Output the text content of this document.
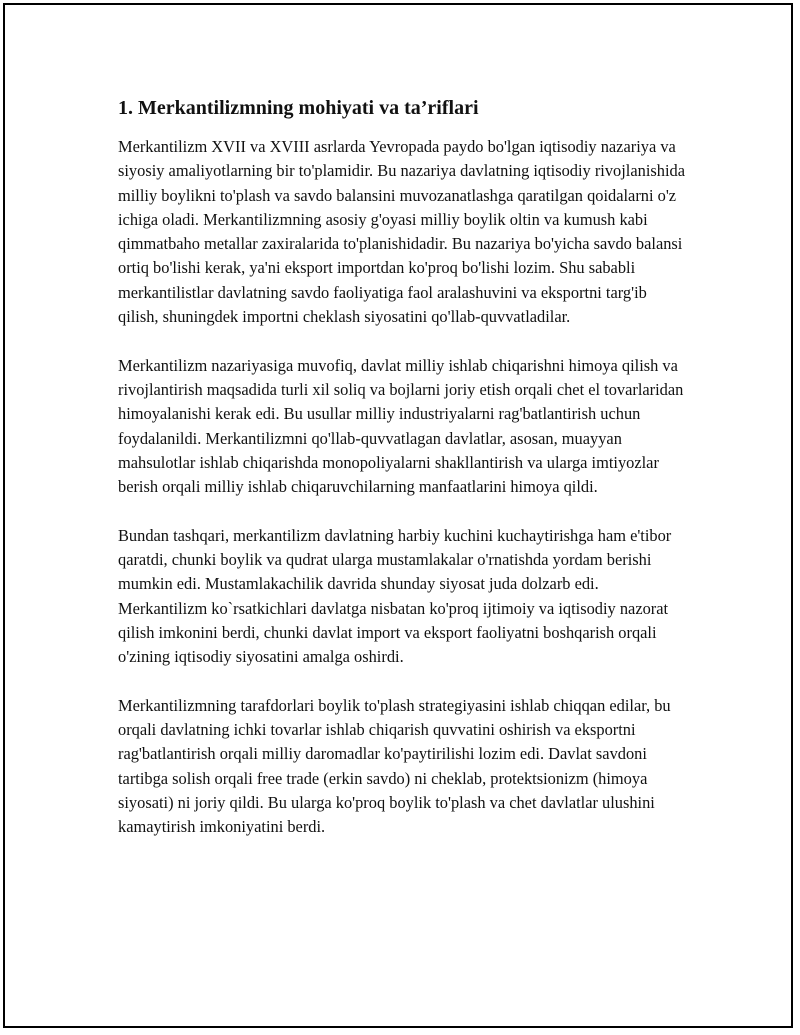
1. Merkantilizmning mohiyati va ta’riflari

Merkantilizm XVII va XVIII asrlarda Yevropada paydo bo'lgan iqtisodiy nazariya va siyosiy amaliyotlarning bir to'plamidir. Bu nazariya davlatning iqtisodiy rivojlanishida milliy boylikni to'plash va savdo balansini muvozanatlashga qaratilgan qoidalarni o'z ichiga oladi. Merkantilizmning asosiy g'oyasi milliy boylik oltin va kumush kabi qimmatbaho metallar zaxiralarida to'planishidadir. Bu nazariya bo'yicha savdo balansi ortiq bo'lishi kerak, ya'ni eksport importdan ko'proq bo'lishi lozim. Shu sababli merkantilistlar davlatning savdo faoliyatiga faol aralashuvini va eksportni targ'ib qilish, shuningdek importni cheklash siyosatini qo'llab-quvvatladilar.

Merkantilizm nazariyasiga muvofiq, davlat milliy ishlab chiqarishni himoya qilish va rivojlantirish maqsadida turli xil soliq va bojlarni joriy etish orqali chet el tovarlaridan himoyalanishi kerak edi. Bu usullar milliy industriyalarni rag'batlantirish uchun foydalanildi. Merkantilizmni qo'llab-quvvatlagan davlatlar, asosan, muayyan mahsulotlar ishlab chiqarishda monopoliyalarni shakllantirish va ularga imtiyozlar berish orqali milliy ishlab chiqaruvchilarning manfaatlarini himoya qildi.

Bundan tashqari, merkantilizm davlatning harbiy kuchini kuchaytirishga ham e'tibor qaratdi, chunki boylik va qudrat ularga mustamlakalar o'rnatishda yordam berishi mumkin edi. Mustamlakachilik davrida shunday siyosat juda dolzarb edi. Merkantilizm ko`rsatkichlari davlatga nisbatan ko'proq ijtimoiy va iqtisodiy nazorat qilish imkonini berdi, chunki davlat import va eksport faoliyatni boshqarish orqali o'zining iqtisodiy siyosatini amalga oshirdi.

Merkantilizmning tarafdorlari boylik to'plash strategiyasini ishlab chiqqan edilar, bu orqali davlatning ichki tovarlar ishlab chiqarish quvvatini oshirish va eksportni rag'batlantirish orqali milliy daromadlar ko'paytirilishi lozim edi. Davlat savdoni tartibga solish orqali free trade (erkin savdo) ni cheklab, protektsionizm (himoya siyosati) ni joriy qildi. Bu ularga ko'proq boylik to'plash va chet davlatlar ulushini kamaytirish imkoniyatini berdi.
